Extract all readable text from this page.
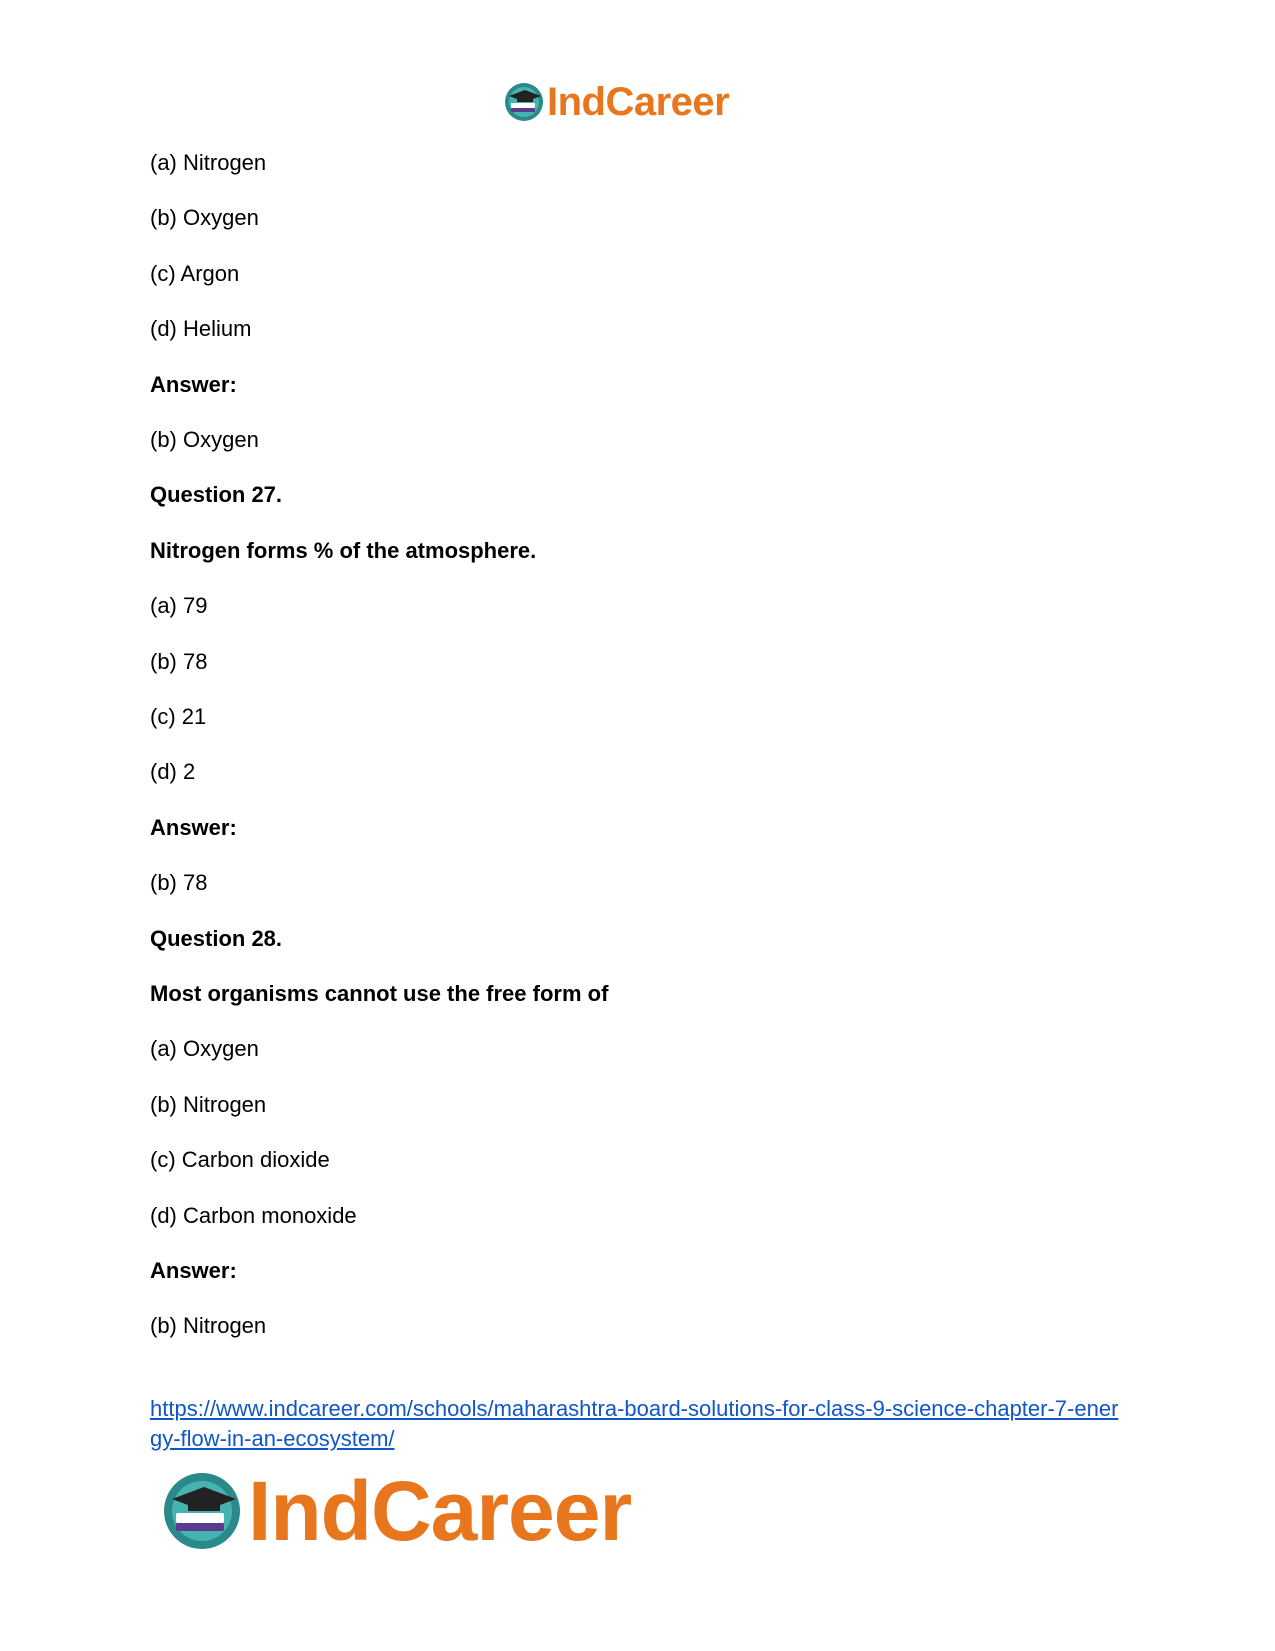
IndCareer
(a) Nitrogen
(b) Oxygen
(c) Argon
(d) Helium
Answer:
(b) Oxygen
Question 27.
Nitrogen forms % of the atmosphere.
(a) 79
(b) 78
(c) 21
(d) 2
Answer:
(b) 78
Question 28.
Most organisms cannot use the free form of
(a) Oxygen
(b) Nitrogen
(c) Carbon dioxide
(d) Carbon monoxide
Answer:
(b) Nitrogen
https://www.indcareer.com/schools/maharashtra-board-solutions-for-class-9-science-chapter-7-energy-flow-in-an-ecosystem/
IndCareer
